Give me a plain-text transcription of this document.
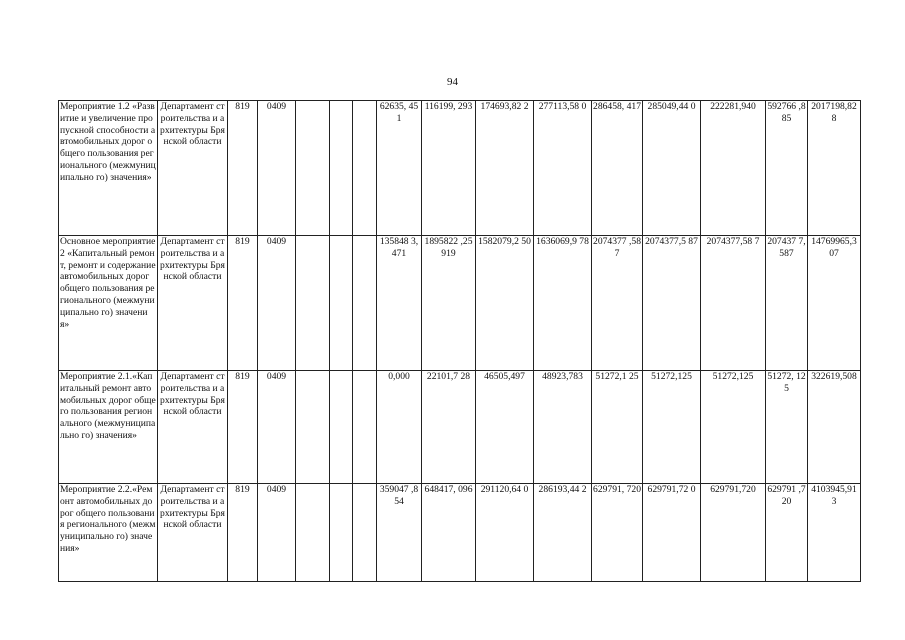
94
Мероприятие 1.2 «Развитие и увеличение пропускной способности автомобильных дорог общего пользования регионального (межмуниципально го) значения»	Департамент строительства и архитектуры Брянской области	819	0409				62635, 451	116199, 293	174693,82 2	277113,58 0	286458, 417	285049,44 0	222281,940	592766 ,885	2017198,82 8
Основное мероприятие 2 «Капитальный ремонт, ремонт и содержание автомобильных дорог общего пользования регионального (межмуниципально го) значения»	Департамент строительства и архитектуры Брянской области	819	0409				135848 3,471	1895822 ,25919	1582079,2 50	1636069,9 78	2074377 ,587	2074377,5 87	2074377,58 7	207437 7,587	14769965,3 07
Мероприятие 2.1.«Капитальный ремонт автомобильных дорог общего пользования регионального (межмуниципально го) значения»	Департамент строительства и архитектуры Брянской области	819	0409				0,000	22101,7 28	46505,497	48923,783	51272,1 25	51272,125	51272,125	51272, 125	322619,508
Мероприятие 2.2.«Ремонт автомобильных дорог общего пользования регионального (межмуниципально го) значения»	Департамент строительства и архитектуры Брянской области	819	0409				359047 ,854	648417, 096	291120,64 0	286193,44 2	629791, 720	629791,72 0	629791,720	629791 ,720	4103945,91 3
